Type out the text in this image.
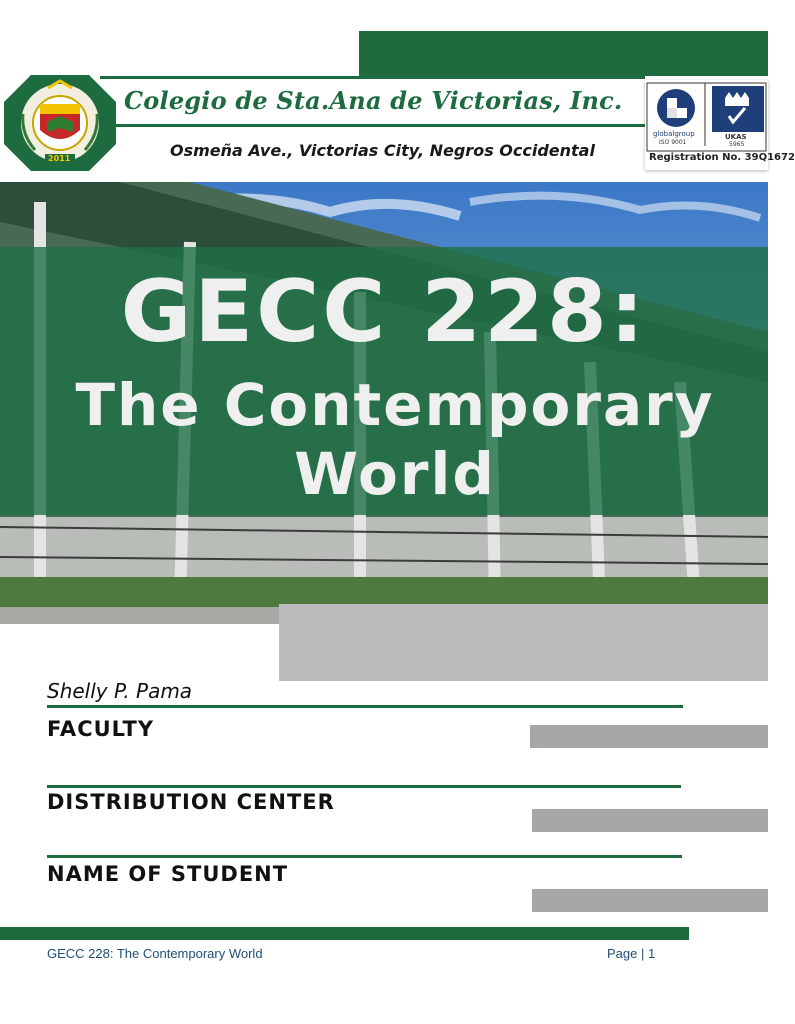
2011
Colegio de Sta.Ana de Victorias, Inc.
Osmeña Ave., Victorias City, Negros Occidental
globalgroup
ISO 9001
UKAS
5965
Registration No. 39Q1672
GECC 228:
The Contemporary
World
Shelly P. Pama
FACULTY
DISTRIBUTION CENTER
NAME OF STUDENT
GECC 228: The Contemporary World	Page | 1
